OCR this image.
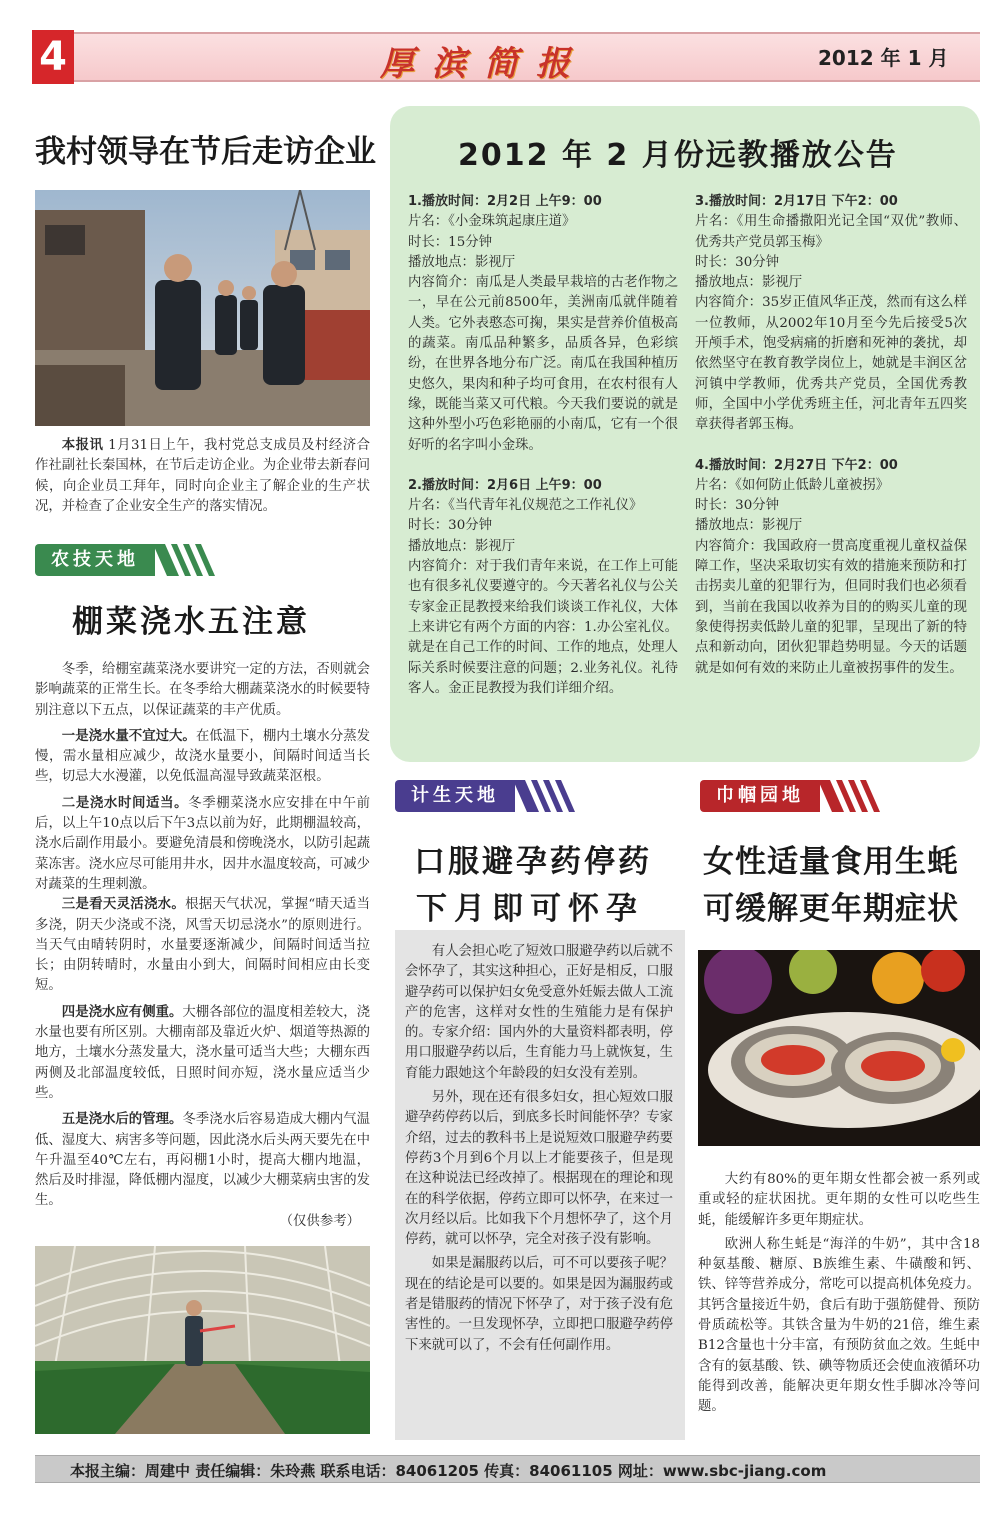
4	厚滨简报	2012 年 1 月
我村领导在节后走访企业

本报讯 1月31日上午，我村党总支成员及村经济合作社副社长秦国林，在节后走访企业。为企业带去新春问候，向企业员工拜年，同时向企业主了解企业的生产状况，并检查了企业安全生产的落实情况。

农技天地
棚菜浇水五注意

冬季，给棚室蔬菜浇水要讲究一定的方法，否则就会影响蔬菜的正常生长。在冬季给大棚蔬菜浇水的时候要特别注意以下五点，以保证蔬菜的丰产优质。

一是浇水量不宜过大。在低温下，棚内土壤水分蒸发慢，需水量相应减少，故浇水量要小，间隔时间适当长些，切忌大水漫灌，以免低温高湿导致蔬菜沤根。

二是浇水时间适当。冬季棚菜浇水应安排在中午前后，以上午10点以后下午3点以前为好，此期棚温较高，浇水后副作用最小。要避免清晨和傍晚浇水，以防引起蔬菜冻害。浇水应尽可能用井水，因井水温度较高，可减少对蔬菜的生理刺激。

三是看天灵活浇水。根据天气状况，掌握“晴天适当多浇，阴天少浇或不浇，风雪天切忌浇水”的原则进行。当天气由晴转阴时，水量要逐渐减少，间隔时间适当拉长；由阴转晴时，水量由小到大，间隔时间相应由长变短。

四是浇水应有侧重。大棚各部位的温度相差较大，浇水量也要有所区别。大棚南部及靠近火炉、烟道等热源的地方，土壤水分蒸发量大，浇水量可适当大些；大棚东西两侧及北部温度较低，日照时间亦短，浇水量应适当少些。

五是浇水后的管理。冬季浇水后容易造成大棚内气温低、湿度大、病害多等问题，因此浇水后头两天要先在中午升温至40℃左右，再闷棚1小时，提高大棚内地温，然后及时排湿，降低棚内湿度，以减少大棚菜病虫害的发生。

（仅供参考）
2012 年 2 月份远教播放公告
1.播放时间：2月2日 上午9：00
片名：《小金珠筑起康庄道》
时长：15分钟
播放地点：影视厅
内容简介：南瓜是人类最早栽培的古老作物之一，早在公元前8500年，美洲南瓜就伴随着人类。它外表憨态可掬，果实是营养价值极高的蔬菜。南瓜品种繁多，品质各异，色彩缤纷，在世界各地分布广泛。南瓜在我国种植历史悠久，果肉和种子均可食用，在农村很有人缘，既能当菜又可代粮。今天我们要说的就是这种外型小巧色彩艳丽的小南瓜，它有一个很好听的名字叫小金珠。
2.播放时间：2月6日 上午9：00
片名：《当代青年礼仪规范之工作礼仪》
时长：30分钟
播放地点：影视厅
内容简介：对于我们青年来说，在工作上可能也有很多礼仪要遵守的。今天著名礼仪与公关专家金正昆教授来给我们谈谈工作礼仪，大体上来讲它有两个方面的内容：1.办公室礼仪。就是在自己工作的时间、工作的地点，处理人际关系时候要注意的问题；2.业务礼仪。礼待客人。金正昆教授为我们详细介绍。
3.播放时间：2月17日 下午2：00
片名：《用生命播撒阳光记全国“双优”教师、优秀共产党员郭玉梅》
时长：30分钟
播放地点：影视厅
内容简介：35岁正值风华正茂，然而有这么样一位教师，从2002年10月至今先后接受5次开颅手术，饱受病痛的折磨和死神的袭扰，却依然坚守在教育教学岗位上，她就是丰润区岔河镇中学教师，优秀共产党员，全国优秀教师，全国中小学优秀班主任，河北青年五四奖章获得者郭玉梅。
4.播放时间：2月27日 下午2：00
片名：《如何防止低龄儿童被拐》
时长：30分钟
播放地点：影视厅
内容简介：我国政府一贯高度重视儿童权益保障工作，坚决采取切实有效的措施来预防和打击拐卖儿童的犯罪行为，但同时我们也必须看到，当前在我国以收养为目的的购买儿童的现象使得拐卖低龄儿童的犯罪，呈现出了新的特点和新动向，团伙犯罪趋势明显。今天的话题就是如何有效的来防止儿童被拐事件的发生。
计生天地
口服避孕药停药
下月即可怀孕

有人会担心吃了短效口服避孕药以后就不会怀孕了，其实这种担心，正好是相反，口服避孕药可以保护妇女免受意外妊娠去做人工流产的危害，这样对女性的生殖能力是有保护的。专家介绍：国内外的大量资料都表明，停用口服避孕药以后，生育能力马上就恢复，生育能力跟她这个年龄段的妇女没有差别。

另外，现在还有很多妇女，担心短效口服避孕药停药以后，到底多长时间能怀孕？专家介绍，过去的教科书上是说短效口服避孕药要停药3个月到6个月以上才能要孩子，但是现在这种说法已经改掉了。根据现在的理论和现在的科学依据，停药立即可以怀孕，在来过一次月经以后。比如我下个月想怀孕了，这个月停药，就可以怀孕，完全对孩子没有影响。

如果是漏服药以后，可不可以要孩子呢？现在的结论是可以要的。如果是因为漏服药或者是错服药的情况下怀孕了，对于孩子没有危害性的。一旦发现怀孕，立即把口服避孕药停下来就可以了，不会有任何副作用。

巾帼园地
女性适量食用生蚝
可缓解更年期症状

大约有80%的更年期女性都会被一系列或重或轻的症状困扰。更年期的女性可以吃些生蚝，能缓解许多更年期症状。

欧洲人称生蚝是“海洋的牛奶”，其中含18种氨基酸、糖原、B族维生素、牛磺酸和钙、铁、锌等营养成分，常吃可以提高机体免疫力。其钙含量接近牛奶，食后有助于强筋健骨、预防骨质疏松等。其铁含量为牛奶的21倍，维生素B12含量也十分丰富，有预防贫血之效。生蚝中含有的氨基酸、铁、碘等物质还会使血液循环功能得到改善，能解决更年期女性手脚冰冷等问题。

本报主编：周建中 责任编辑：朱玲燕 联系电话：84061205 传真：84061105 网址：www.sbc-jiang.com
